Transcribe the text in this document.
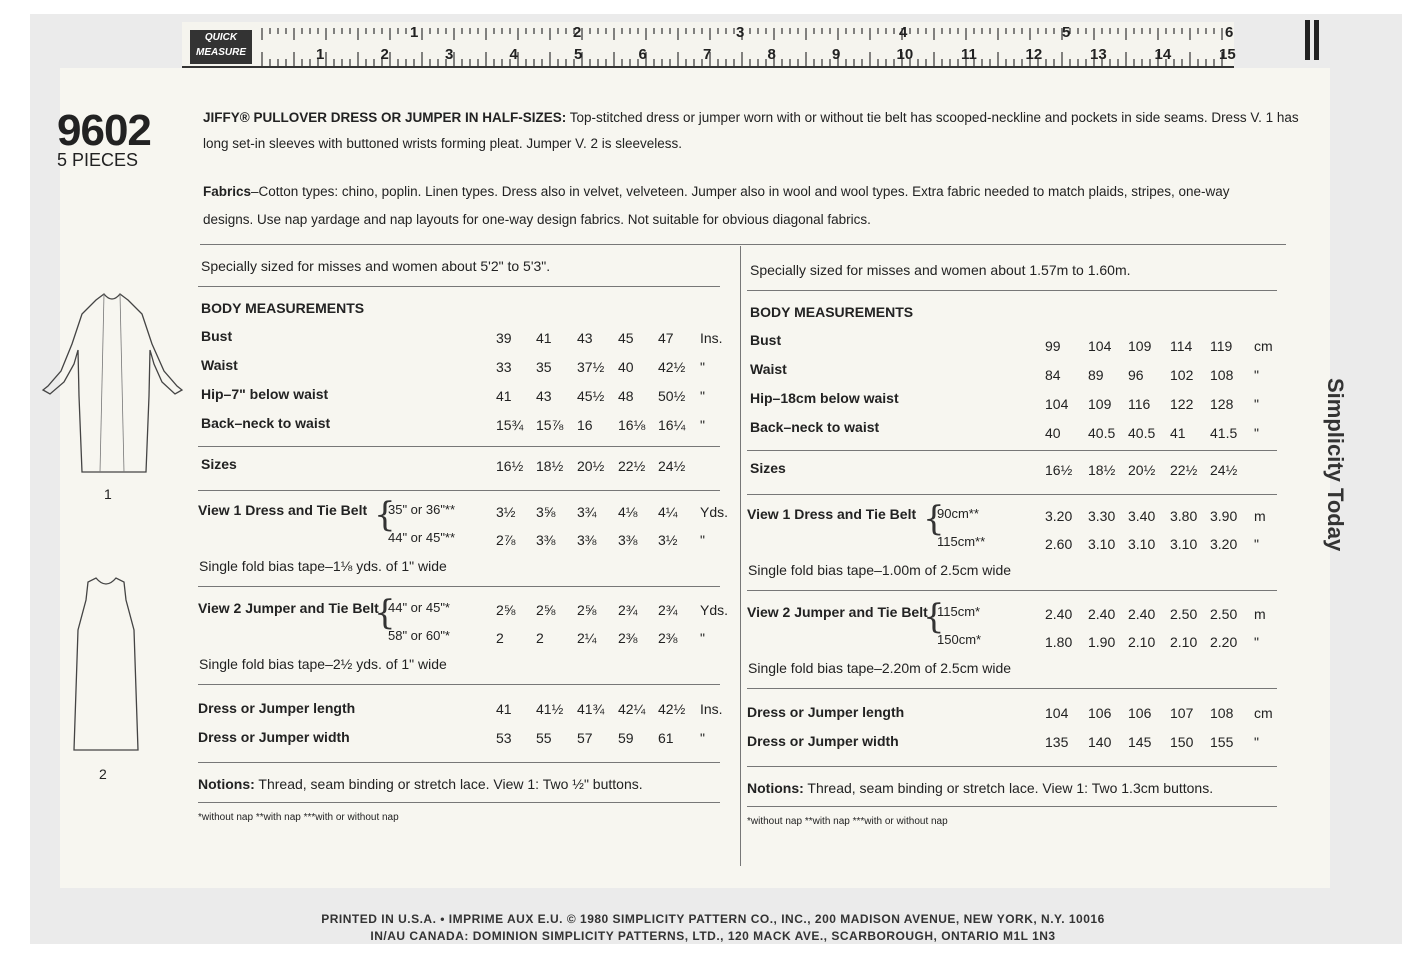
QUICK
MEASURE
1	2	3	4	5	6
1	2	3	4	5	6	7	8	9	10	11	12	13	14	15
9602
5 PIECES
JIFFY® PULLOVER DRESS OR JUMPER IN HALF-SIZES: Top-stitched dress or jumper worn with or without tie belt has scooped-neckline and pockets in side seams. Dress V. 1 has
long set-in sleeves with buttoned wrists forming pleat. Jumper V. 2 is sleeveless.
Fabrics–Cotton types: chino, poplin. Linen types. Dress also in velvet, velveteen. Jumper also in wool and wool types. Extra fabric needed to match plaids, stripes, one-way
designs. Use nap yardage and nap layouts for one-way design fabrics. Not suitable for obvious diagonal fabrics.
Simplicity Today
1
2
Specially sized for misses and women about 5'2" to 5'3".
BODY MEASUREMENTS
Bust	39 41 43 45 47 Ins.
Waist	33 35 37½ 40 42½ "
Hip–7" below waist	41 43 45½ 48 50½ "
Back–neck to waist	15¾ 15⅞ 16 16⅛ 16¼ "
Sizes	16½ 18½ 20½ 22½ 24½
View 1 Dress and Tie Belt {
35" or 36"**	3½ 3⅝ 3¾ 4⅛ 4¼ Yds.
44" or 45"**	2⅞ 3⅜ 3⅜ 3⅜ 3½ "
Single fold bias tape–1⅛ yds. of 1" wide
View 2 Jumper and Tie Belt
{
44" or 45"*	2⅝ 2⅝ 2⅝ 2¾ 2¾ Yds.
58" or 60"*	2 2 2¼ 2⅜ 2⅜ "
Single fold bias tape–2½ yds. of 1" wide
Dress or Jumper length	41 41½ 41¾ 42¼ 42½ Ins.
Dress or Jumper width	53 55 57 59 61 "
Notions: Thread, seam binding or stretch lace. View 1: Two ½" buttons.
*without nap **with nap ***with or without nap
Specially sized for misses and women about 1.57m to 1.60m.
BODY MEASUREMENTS
Bust	99 104 109 114 119 cm
Waist	84 89 96 102 108 "
Hip–18cm below waist	104 109 116 122 128 "
Back–neck to waist	40 40.5 40.5 41 41.5 "
Sizes	16½ 18½ 20½ 22½ 24½
View 1 Dress and Tie Belt {
90cm**	3.20 3.30 3.40 3.80 3.90 m
115cm**	2.60 3.10 3.10 3.10 3.20 "
Single fold bias tape–1.00m of 2.5cm wide
View 2 Jumper and Tie Belt
{
115cm*	2.40 2.40 2.40 2.50 2.50 m
150cm*	1.80 1.90 2.10 2.10 2.20 "
Single fold bias tape–2.20m of 2.5cm wide
Dress or Jumper length	104 106 106 107 108 cm
Dress or Jumper width	135 140 145 150 155 "
Notions: Thread, seam binding or stretch lace. View 1: Two 1.3cm buttons.
*without nap **with nap ***with or without nap
PRINTED IN U.S.A. • IMPRIME AUX E.U. © 1980 SIMPLICITY PATTERN CO., INC., 200 MADISON AVENUE, NEW YORK, N.Y. 10016
IN/AU CANADA: DOMINION SIMPLICITY PATTERNS, LTD., 120 MACK AVE., SCARBOROUGH, ONTARIO M1L 1N3
